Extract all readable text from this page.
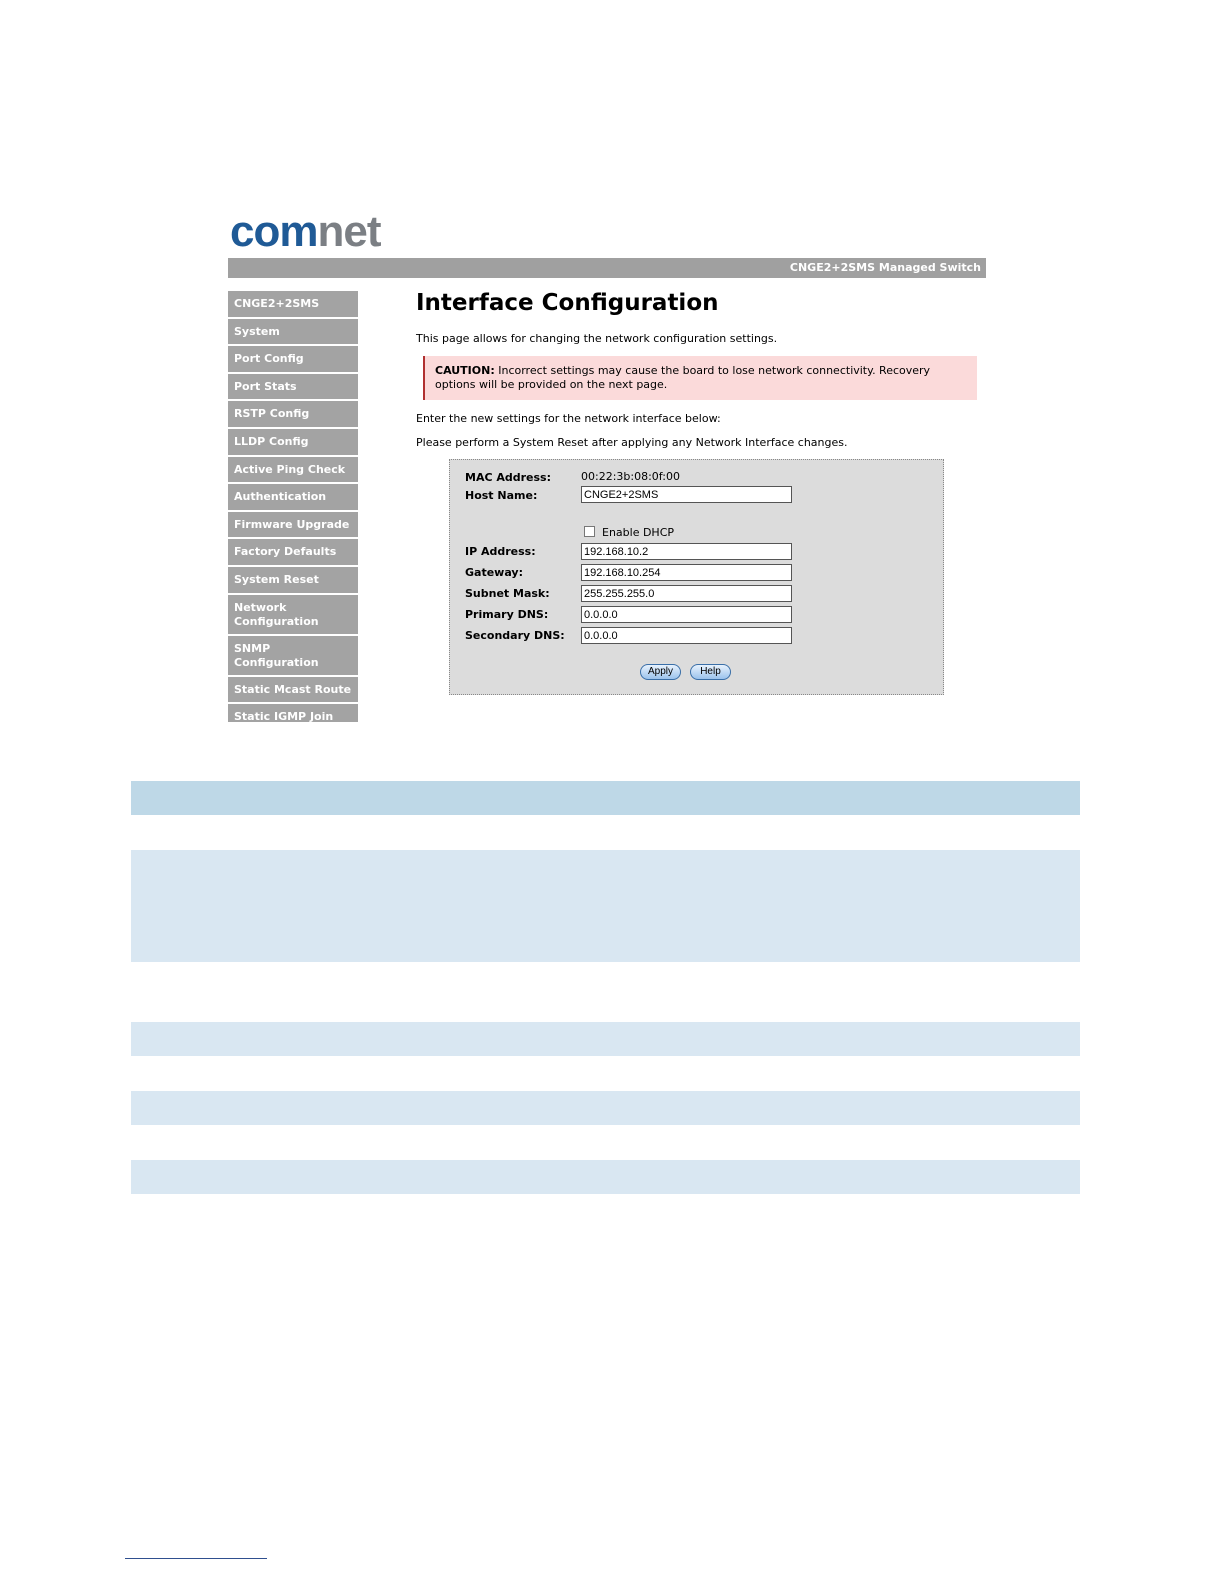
comnet
CNGE2+2SMS Managed Switch
CNGE2+2SMS
System
Port Config
Port Stats
RSTP Config
LLDP Config
Active Ping Check
Authentication
Firmware Upgrade
Factory Defaults
System Reset
Network Configuration
SNMP Configuration
Static Mcast Route
Static IGMP Join
Interface Configuration

This page allows for changing the network configuration settings.

CAUTION: Incorrect settings may cause the board to lose network connectivity. Recovery options will be provided on the next page.

Enter the new settings for the network interface below:

Please perform a System Reset after applying any Network Interface changes.

MAC Address:	00:22:3b:08:0f:00
Host Name:
CNGE2+2SMS
Enable DHCP
IP Address:
192.168.10.2
Gateway:
192.168.10.254
Subnet Mask:
255.255.255.0
Primary DNS:
0.0.0.0
Secondary DNS:
0.0.0.0
Apply	Help
